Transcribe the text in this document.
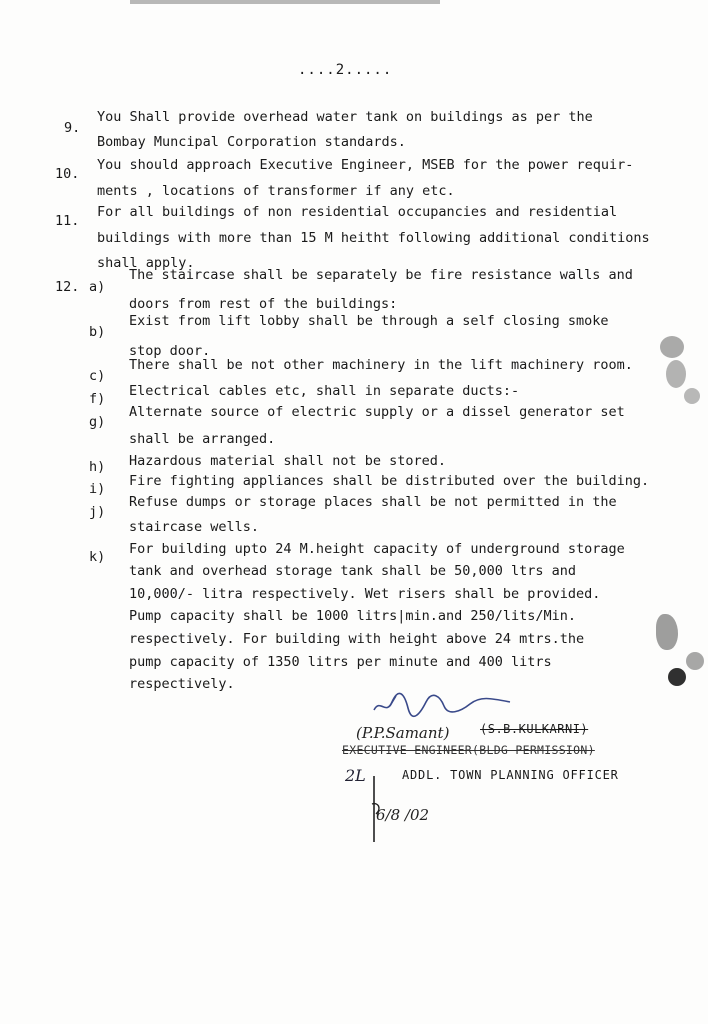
....2.....
9.
You Shall provide overhead water tank on buildings as per the
Bombay Muncipal Corporation standards.
10.
You should approach Executive Engineer, MSEB for the power requir-
ments , locations of transformer if any etc.
11.
For all buildings of non residential occupancies and residential
buildings with more than 15 M heitht following additional conditions
shall apply.
12. a)
The staircase shall be separately be fire resistance walls and
doors from rest of the buildings:
b)
Exist from lift lobby shall be through a self closing smoke
stop door.
c)
There shall be not other machinery in the lift machinery room.
f) Electrical cables etc, shall in separate ducts:-
g)
Alternate source of electric supply or a dissel generator set
shall be arranged.
h) Hazardous material shall not be stored.
i) Fire fighting appliances shall be distributed over the building.
j)
Refuse dumps or storage places shall be not permitted in the
staircase wells.
k) For building upto 24 M.height capacity of underground storage
tank and overhead storage tank shall be 50,000 ltrs and
10,000/- litra respectively. Wet risers shall be provided.
Pump capacity shall be 1000 litrs|min.and 250/lits/Min.
respectively. For building with height above 24 mtrs.the
pump capacity of 1350 litrs per minute and 400 litrs
respectively.
(P.P.Samant)	(S.B.KULKARNI)
EXECUTIVE ENGINEER(BLDG PERMISSION)
2L	ADDL. TOWN PLANNING OFFICER
6/8 /02
